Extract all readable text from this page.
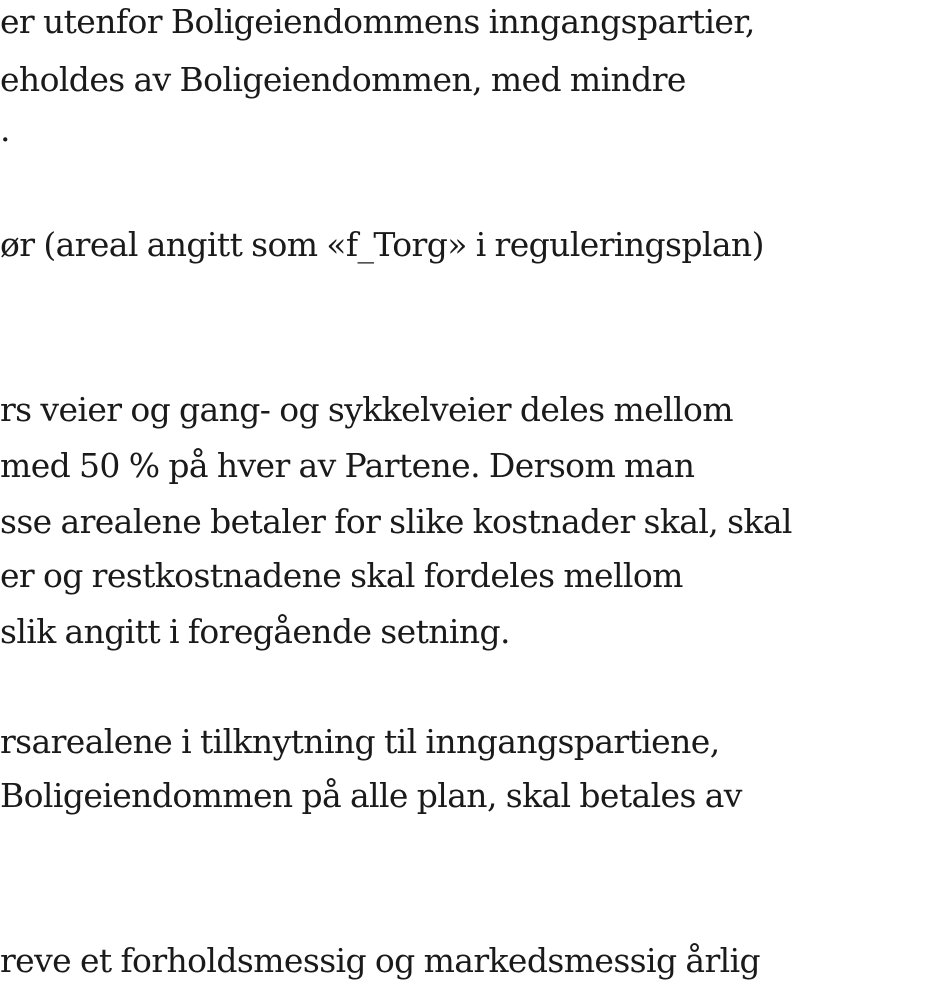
er utenfor Boligeiendommens inngangspartier,
eholdes av Boligeiendommen, med mindre
.
ør (areal angitt som «f_Torg» i reguleringsplan)
rs veier og gang- og sykkelveier deles mellom
med 50 % på hver av Partene. Dersom man
sse arealene betaler for slike kostnader skal, skal
er og restkostnadene skal fordeles mellom
slik angitt i foregående setning.
rsarealene i tilknytning til inngangspartiene,
Boligeiendommen på alle plan, skal betales av
reve et forholdsmessig og markedsmessig årlig
